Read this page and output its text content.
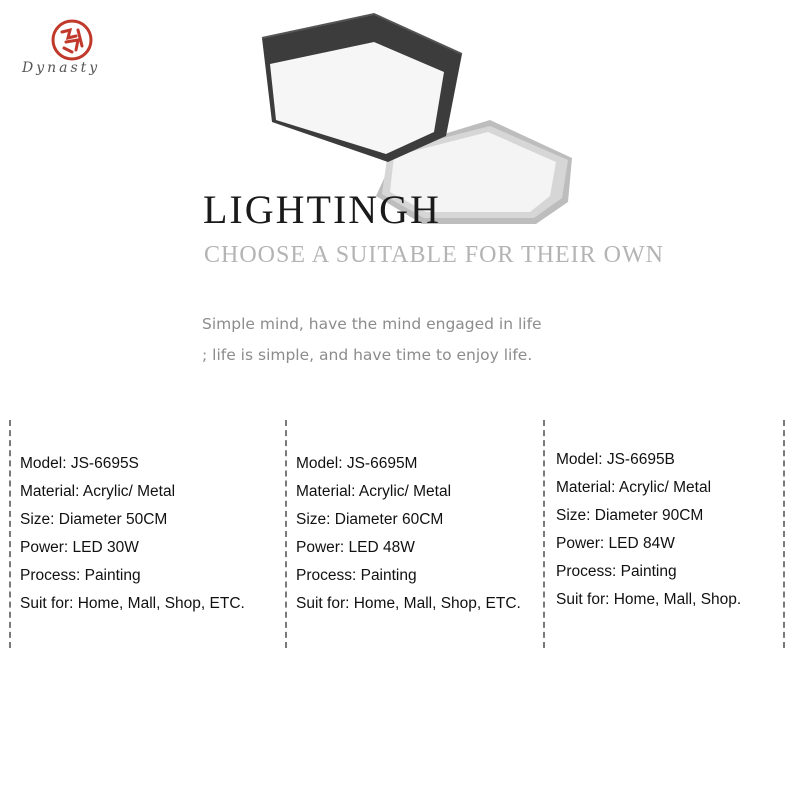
Dynasty
LIGHTINGH
CHOOSE A SUITABLE FOR THEIR OWN
Simple mind, have the mind engaged in life
; life is simple, and have time to enjoy life.
Model: JS-6695S
Material: Acrylic/ Metal
Size: Diameter 50CM
Power: LED 30W
Process: Painting
Suit for: Home, Mall, Shop, ETC.
Model: JS-6695M
Material: Acrylic/ Metal
Size: Diameter 60CM
Power: LED 48W
Process: Painting
Suit for: Home, Mall, Shop, ETC.
Model: JS-6695B
Material: Acrylic/ Metal
Size: Diameter 90CM
Power: LED 84W
Process: Painting
Suit for: Home, Mall, Shop.
